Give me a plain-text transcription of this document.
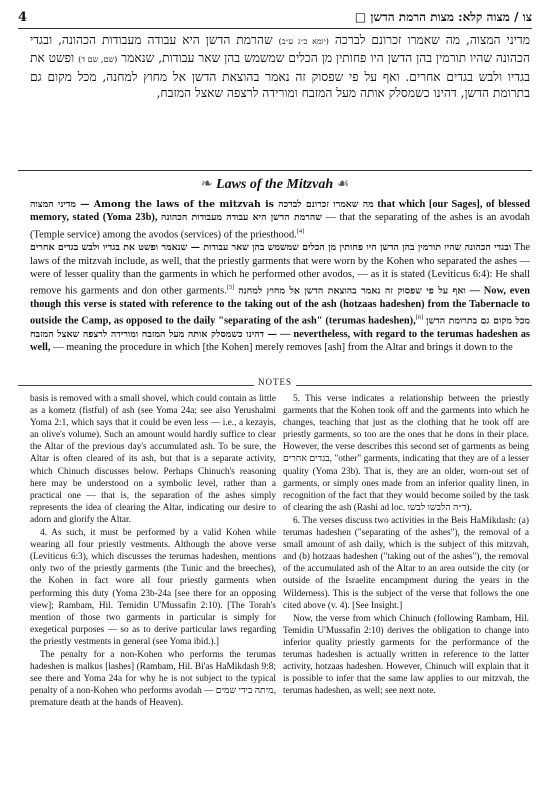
4	□ צו / מצוה קלא: מצות הרמת הדשן
מדיני המצוה, מה שאמרו זכרונם לברכה (יומא כ״ג ע״ב) שהרמת הדשן היא עבודה מעבודות הכהונה, ובגדי הכהונה שהיו תורמין בהן הדשן היו פחותין מן הכלים שמשמש בהן שאר עבודות, שנאמר (שם, שם ד) ופשט את בגדיו ולבש בגדים אחרים. ואף על פי שפסוק זה נאמר בהוצאת הדשן אל מחוץ למחנה, מכל מקום גם בתרומת הדשן, דהינו כשמסלק אותה מעל המזבח ומורידה לרצפה שאצל המזבח,
❧ Laws of the Mitzvah ☙

מדיני המצוה — Among the laws of the mitzvah is מה שאמרו זכרונם לברכה that which [our Sages], of blessed memory, stated (Yoma 23b), שהרמת הדשן היא עבודה מעבודות הכהונה — that the separating of the ashes is an avodah (Temple service) among the avodos (services) of the priesthood.[4]

ובגדי הכהונה שהיו תורמין בהן הדשן היו פחותין מן הכלים שמשמש בהן שאר עבודות — שנאמר ופשט את בגדיו ולבש בגדים אחרים The laws of the mitzvah include, as well, that the priestly garments that were worn by the Kohen who separated the ashes — were of lesser quality than the garments in which he performed other avodos, — as it is stated (Leviticus 6:4): He shall remove his garments and don other garments.[5] ואף על פי שפסוק זה נאמר בהוצאת הדשן אל מחוץ למחנה — Now, even though this verse is stated with reference to the taking out of the ash (hotzaas hadeshen) from the Tabernacle to outside the Camp, as opposed to the daily "separating of the ash" (terumas hadeshen),[6] מכל מקום גם בתרומת הדשן — דהינו כשמסלק אותה מעל המזבח ומורידה לרצפה שאצל המזבח — nevertheless, with regard to the terumas hadeshen as well, — meaning the procedure in which [the Kohen] merely removes [ash] from the Altar and brings it down to the

NOTES

basis is removed with a small shovel, which could contain as little as a kometz (fistful) of ash (see Yoma 24a; see also Yerushalmi Yoma 2:1, which says that it could be even less — i.e., a kezayis, an olive's volume). Such an amount would hardly suffice to clear the Altar of the previous day's accumulated ash. To be sure, the Altar is often cleared of its ash, but that is a separate activity, which Chinuch discusses below. Perhaps Chinuch's reasoning here may be understood on a symbolic level, rather than a practical one — that is, the separation of the ashes simply represents the idea of clearing the Altar, indicating our desire to adorn and glorify the Altar.

4. As such, it must be performed by a valid Kohen while wearing all four priestly vestments. Although the above verse (Leviticus 6:3), which discusses the terumas hadeshen, mentions only two of the priestly garments (the Tunic and the breeches), the Kohen in fact wore all four priestly garments when performing this duty (Yoma 23b-24a [see there for an opposing view]; Rambam, Hil. Temidin U'Mussafin 2:10). [The Torah's mention of those two garments in particular is simply for exegetical purposes — so as to derive particular laws regarding the priestly vestments in general (see Yoma ibid.).]

The penalty for a non-Kohen who performs the terumas hadeshen is malkus [lashes] (Rambam, Hil. Bi'as HaMikdash 9:8; see there and Yoma 24a for why he is not subject to the typical penalty of a non-Kohen who performs avodah — מיתה בידי שמים, premature death at the hands of Heaven).

5. This verse indicates a relationship between the priestly garments that the Kohen took off and the garments into which he changes, teaching that just as the clothing that he took off are priestly garments, so too are the ones that he dons in their place. However, the verse describes this second set of garments as being בגדים אחרים, "other" garments, indicating that they are of a lesser quality (Yoma 23b). That is, they are an older, worn-out set of garments, or simply ones made from an inferior quality linen, in recognition of the fact that they would become soiled by the task of clearing the ash (Rashi ad loc. ד״ה הלבשו לבשו).

6. The verses discuss two activities in the Beis HaMikdash: (a) terumas hadeshen ("separating of the ashes"), the removal of a small amount of ash daily, which is the subject of this mitzvah, and (b) hotzaas hadeshen ("taking out of the ashes"), the removal of the accumulated ash of the Altar to an area outside the city (or outside of the Israelite encampment during the years in the Wilderness). This is the subject of the verse that follows the one cited above (v. 4). [See Insight.]

Now, the verse from which Chinuch (following Rambam, Hil. Temidin U'Mussafin 2:10) derives the obligation to change into inferior quality priestly garments for the performance of the terumas hadeshen is actually written in reference to the latter activity, hotzaas hadeshen. However, Chinuch will explain that it is possible to infer that the same law applies to our mitzvah, the terumas hadeshen, as well; see next note.
